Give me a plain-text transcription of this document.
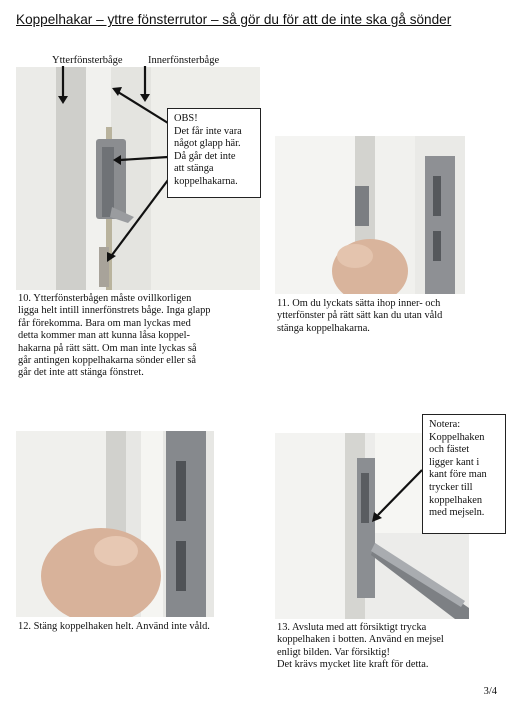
Koppelhakar – yttre fönsterrutor – så gör du för att de inte ska gå sönder
Ytterfönsterbåge Innerfönsterbåge

OBS!

Det får inte vara

något glapp här.

Då går det inte

att stänga

koppelhakarna.

10. Ytterfönsterbågen måste ovillkorligen

ligga helt intill innerfönstrets båge. Inga glapp

får förekomma. Bara om man lyckas med

detta kommer man att kunna låsa koppel-

hakarna på rätt sätt. Om man inte lyckas så

går antingen koppelhakarna sönder eller så

går det inte att stänga fönstret.

11. Om du lyckats sätta ihop inner- och

ytterfönster på rätt sätt kan du utan våld

stänga koppelhakarna.

12. Stäng koppelhaken helt. Använd inte våld.

Notera:

Koppelhaken

och fästet

ligger kant i

kant före man

trycker till

koppelhaken

med mejseln.

13. Avsluta med att försiktigt trycka

koppelhaken i botten. Använd en mejsel

enligt bilden. Var försiktig!

Det krävs mycket lite kraft för detta.

3/4
